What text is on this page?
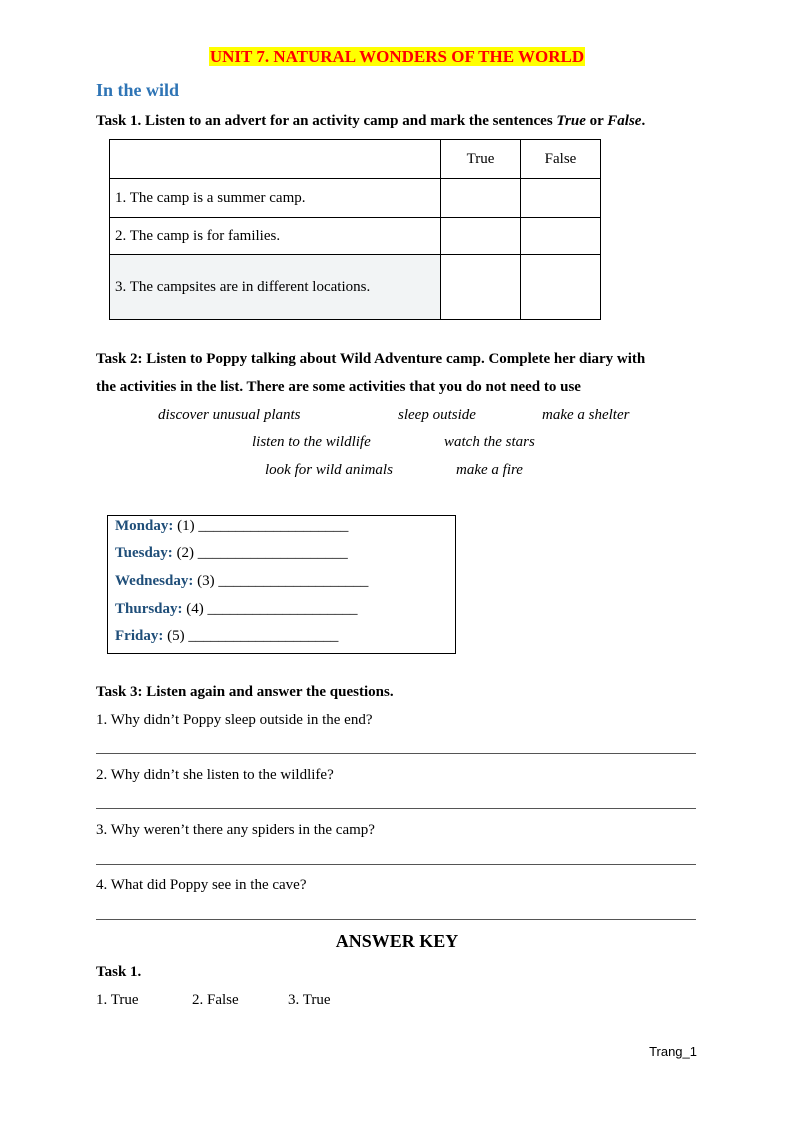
UNIT 7. NATURAL WONDERS OF THE WORLD
In the wild
Task 1. Listen to an advert for an activity camp and mark the sentences True or False.
	True	False
1. The camp is a summer camp.		
2. The camp is for families.		
3. The campsites are in different locations.		
Task 2: Listen to Poppy talking about Wild Adventure camp. Complete her diary with
the activities in the list. There are some activities that you do not need to use
discover unusual plants	sleep outside	make a shelter
listen to the wildlife	watch the stars
look for wild animals	make a fire
Monday: (1) ____________________
Tuesday: (2) ____________________
Wednesday: (3) ____________________
Thursday: (4) ____________________
Friday: (5) ____________________
Task 3: Listen again and answer the questions.
1. Why didn’t Poppy sleep outside in the end?
2. Why didn’t she listen to the wildlife?
3. Why weren’t there any spiders in the camp?
4. What did Poppy see in the cave?
ANSWER KEY
Task 1.
1. True	2. False	3. True
Trang_1
